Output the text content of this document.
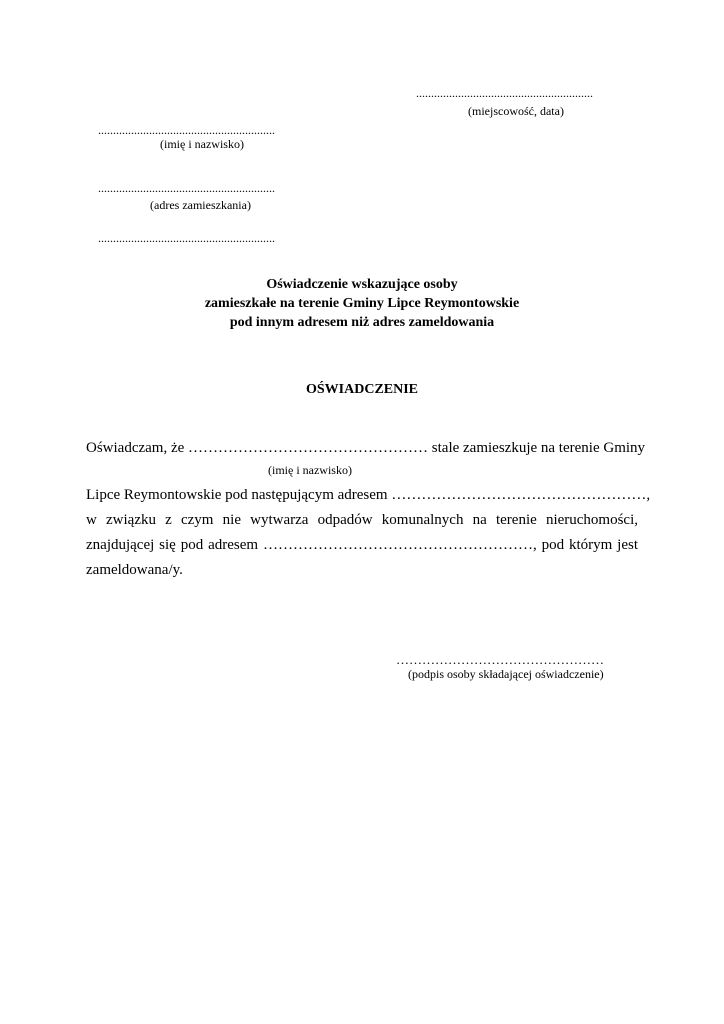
...........................................................
(miejscowość, data)
...........................................................
(imię i nazwisko)
...........................................................
(adres zamieszkania)
...........................................................
Oświadczenie wskazujące osoby
zamieszkałe na terenie Gminy Lipce Reymontowskie
pod innym adresem niż adres zameldowania
OŚWIADCZENIE
Oświadczam, że ………………………………………… stale zamieszkuje na terenie Gminy
(imię i nazwisko)
Lipce Reymontowskie pod następującym adresem ……………………………………………,
w związku z czym nie wytwarza odpadów komunalnych na terenie nieruchomości,
znajdującej się pod adresem ………………………………………………, pod którym jest
zameldowana/y.
…………………………………………
(podpis osoby składającej oświadczenie)
